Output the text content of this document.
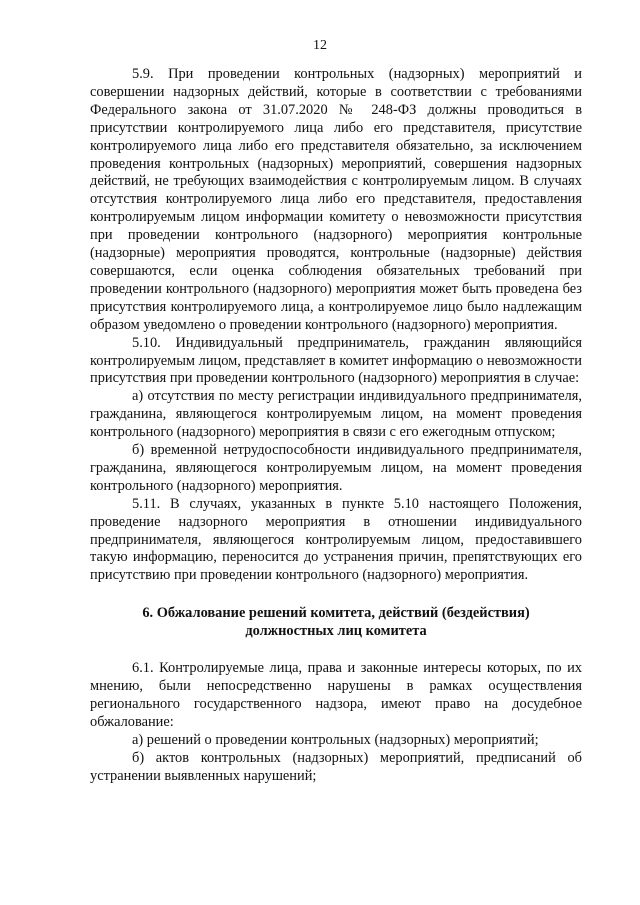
12

5.9. При проведении контрольных (надзорных) мероприятий и совершении надзорных действий, которые в соответствии с требованиями Федерального закона от 31.07.2020 № 248-ФЗ должны проводиться в присутствии контролируемого лица либо его представителя, присутствие контролируемого лица либо его представителя обязательно, за исключением проведения контрольных (надзорных) мероприятий, совершения надзорных действий, не требующих взаимодействия с контролируемым лицом. В случаях отсутствия контролируемого лица либо его представителя, предоставления контролируемым лицом информации комитету о невозможности присутствия при проведении контрольного (надзорного) мероприятия контрольные (надзорные) мероприятия проводятся, контрольные (надзорные) действия совершаются, если оценка соблюдения обязательных требований при проведении контрольного (надзорного) мероприятия может быть проведена без присутствия контролируемого лица, а контролируемое лицо было надлежащим образом уведомлено о проведении контрольного (надзорного) мероприятия.

5.10. Индивидуальный предприниматель, гражданин являющийся контролируемым лицом, представляет в комитет информацию о невозможности присутствия при проведении контрольного (надзорного) мероприятия в случае:

а) отсутствия по месту регистрации индивидуального предпринимателя, гражданина, являющегося контролируемым лицом, на момент проведения контрольного (надзорного) мероприятия в связи с его ежегодным отпуском;

б) временной нетрудоспособности индивидуального предпринимателя, гражданина, являющегося контролируемым лицом, на момент проведения контрольного (надзорного) мероприятия.

5.11. В случаях, указанных в пункте 5.10 настоящего Положения, проведение надзорного мероприятия в отношении индивидуального предпринимателя, являющегося контролируемым лицом, предоставившего такую информацию, переносится до устранения причин, препятствующих его присутствию при проведении контрольного (надзорного) мероприятия.

6. Обжалование решений комитета, действий (бездействия)

должностных лиц комитета

6.1. Контролируемые лица, права и законные интересы которых, по их мнению, были непосредственно нарушены в рамках осуществления регионального государственного надзора, имеют право на досудебное обжалование:

а) решений о проведении контрольных (надзорных) мероприятий;

б) актов контрольных (надзорных) мероприятий, предписаний об устранении выявленных нарушений;
